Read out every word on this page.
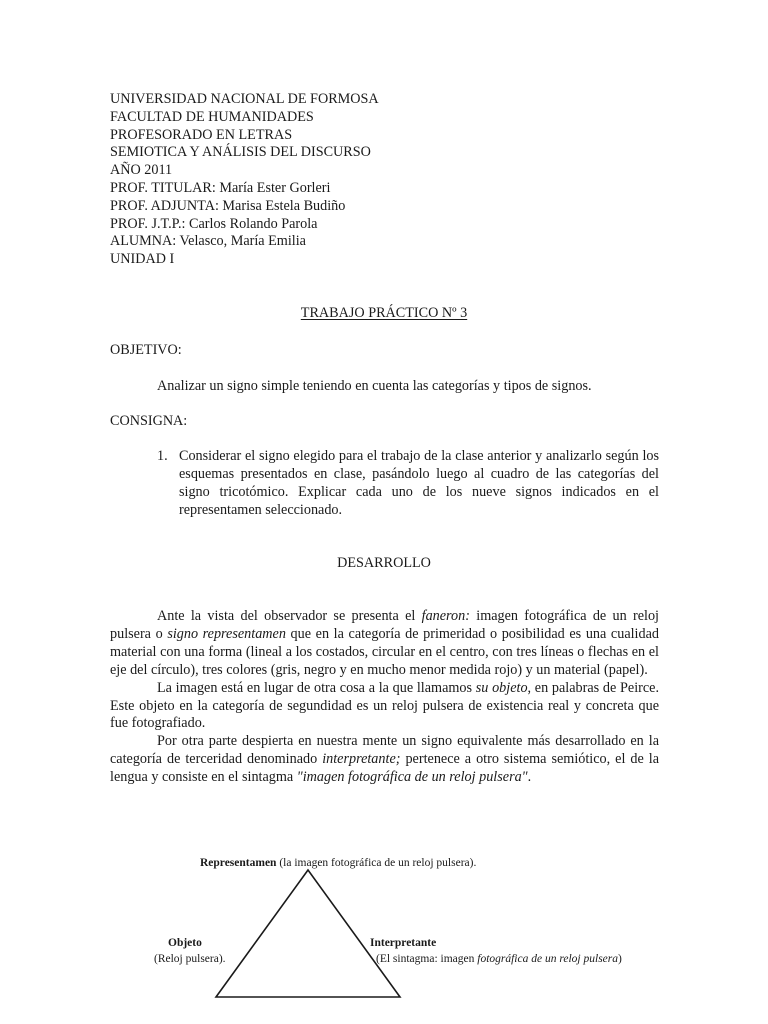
UNIVERSIDAD NACIONAL DE FORMOSA
FACULTAD DE HUMANIDADES
PROFESORADO EN LETRAS
SEMIOTICA Y ANÁLISIS DEL DISCURSO
AÑO 2011
PROF. TITULAR: María Ester Gorleri
PROF. ADJUNTA: Marisa Estela Budiño
PROF. J.T.P.: Carlos Rolando Parola
ALUMNA: Velasco, María Emilia
UNIDAD I
TRABAJO PRÁCTICO Nº 3
OBJETIVO:
Analizar un signo simple teniendo en cuenta las categorías y tipos de signos.
CONSIGNA:
1. Considerar el signo elegido para el trabajo de la clase anterior y analizarlo según los esquemas presentados en clase, pasándolo luego al cuadro de las categorías del signo tricotómico. Explicar cada uno de los nueve signos indicados en el representamen seleccionado.
DESARROLLO

Ante la vista del observador se presenta el faneron: imagen fotográfica de un reloj pulsera o signo representamen que en la categoría de primeridad o posibilidad es una cualidad material con una forma (lineal a los costados, circular en el centro, con tres líneas o flechas en el eje del círculo), tres colores (gris, negro y en mucho menor medida rojo) y un material (papel).

La imagen está en lugar de otra cosa a la que llamamos su objeto, en palabras de Peirce. Este objeto en la categoría de segundidad es un reloj pulsera de existencia real y concreta que fue fotografiado.

Por otra parte despierta en nuestra mente un signo equivalente más desarrollado en la categoría de terceridad denominado interpretante; pertenece a otro sistema semiótico, el de la lengua y consiste en el sintagma "imagen fotográfica de un reloj pulsera".

Representamen (la imagen fotográfica de un reloj pulsera).
Objeto
(Reloj pulsera).
Interpretante
(El sintagma: imagen fotográfica de un reloj pulsera)
